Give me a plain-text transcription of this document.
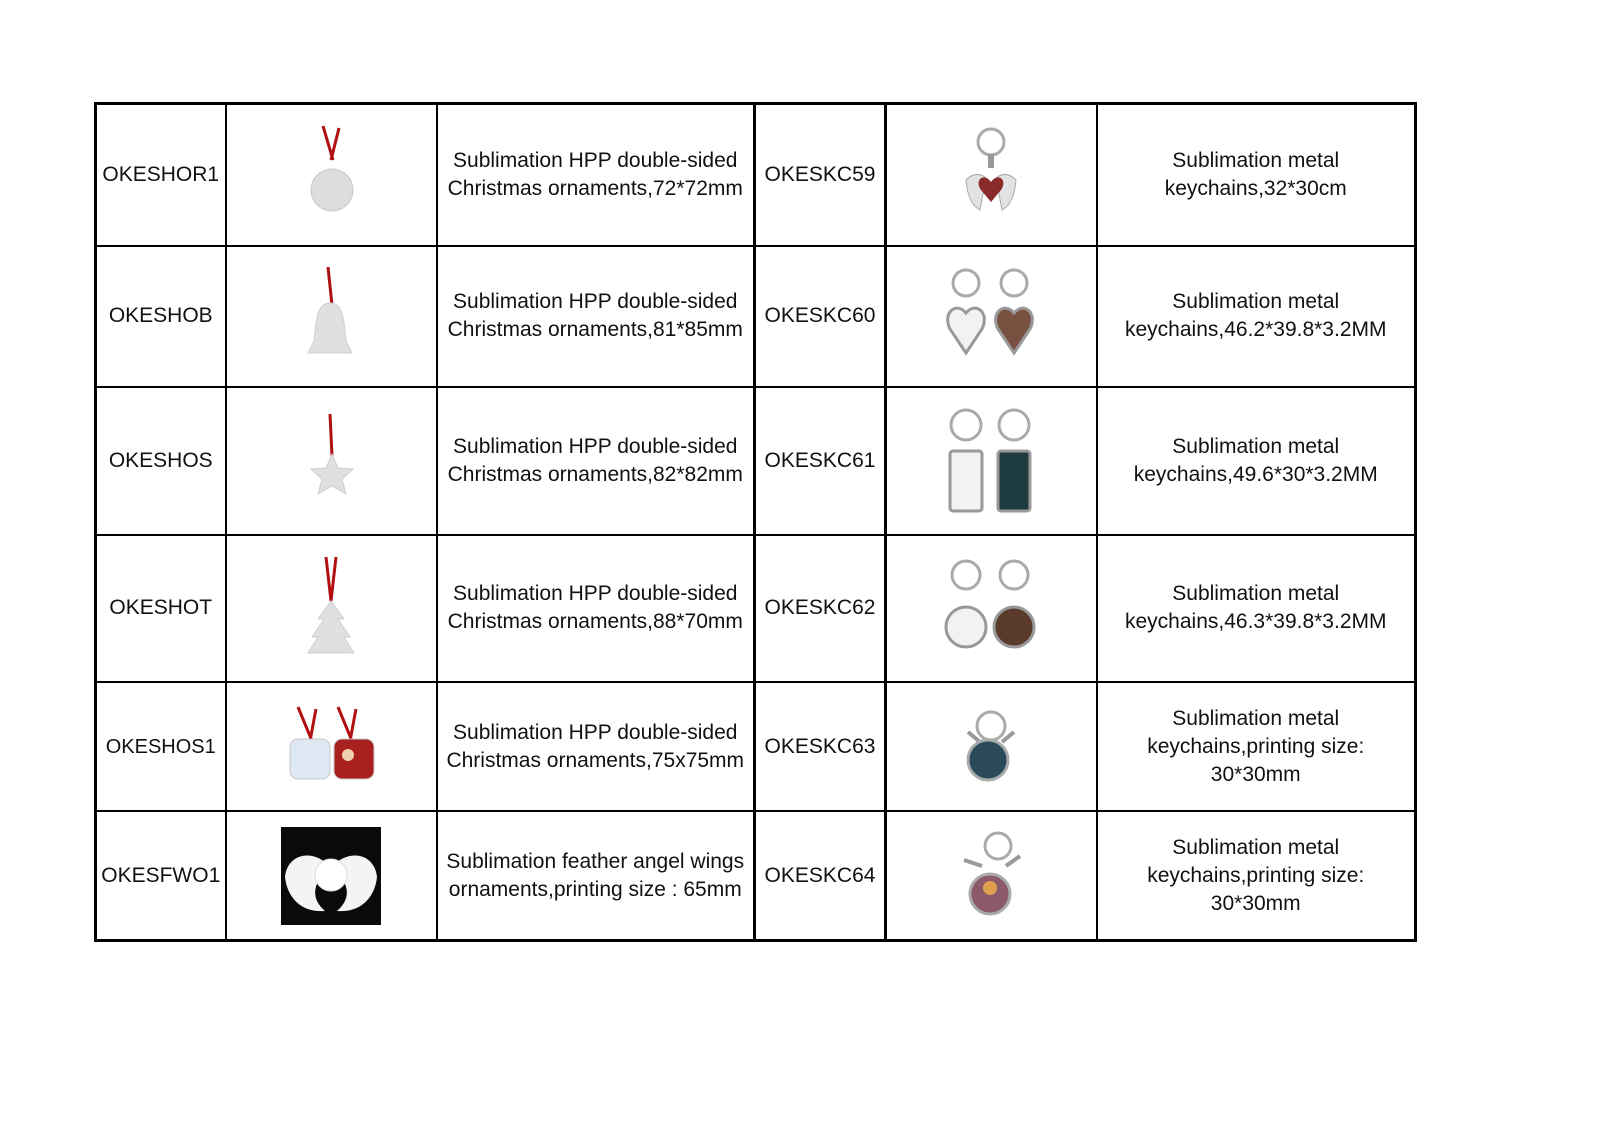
OKESHOR1		Sublimation HPP double-sided Christmas ornaments,72*72mm	OKESKC59		Sublimation metal keychains,32*30cm
OKESHOB		Sublimation HPP double-sided Christmas ornaments,81*85mm	OKESKC60		Sublimation metal keychains,46.2*39.8*3.2MM
OKESHOS		Sublimation HPP double-sided Christmas ornaments,82*82mm	OKESKC61		Sublimation metal keychains,49.6*30*3.2MM
OKESHOT		Sublimation HPP double-sided Christmas ornaments,88*70mm	OKESKC62		Sublimation metal keychains,46.3*39.8*3.2MM
OKESHOS1		Sublimation HPP double-sided Christmas ornaments,75x75mm	OKESKC63		Sublimation metal keychains,printing size: 30*30mm
OKESFWO1		Sublimation feather angel wings ornaments,printing size : 65mm	OKESKC64		Sublimation metal keychains,printing size: 30*30mm
